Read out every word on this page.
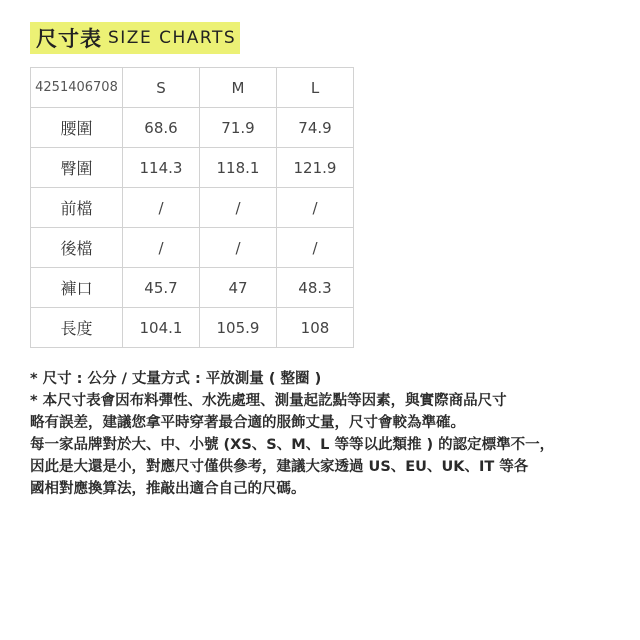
尺寸表 SIZE CHARTS
4251406708	S	M	L
腰圍	68.6	71.9	74.9
臀圍	114.3	118.1	121.9
前檔	/	/	/
後檔	/	/	/
褲口	45.7	47	48.3
長度	104.1	105.9	108

* 尺寸 : 公分 / 丈量方式 : 平放測量 ( 整圈 )

* 本尺寸表會因布料彈性、水洗處理、測量起訖點等因素，與實際商品尺寸

略有誤差，建議您拿平時穿著最合適的服飾丈量，尺寸會較為準確。

每一家品牌對於大、中、小號 (XS、S、M、L 等等以此類推 ) 的認定標準不一，

因此是大還是小，對應尺寸僅供參考，建議大家透過 US、EU、UK、IT 等各

國相對應換算法，推敲出適合自己的尺碼。
